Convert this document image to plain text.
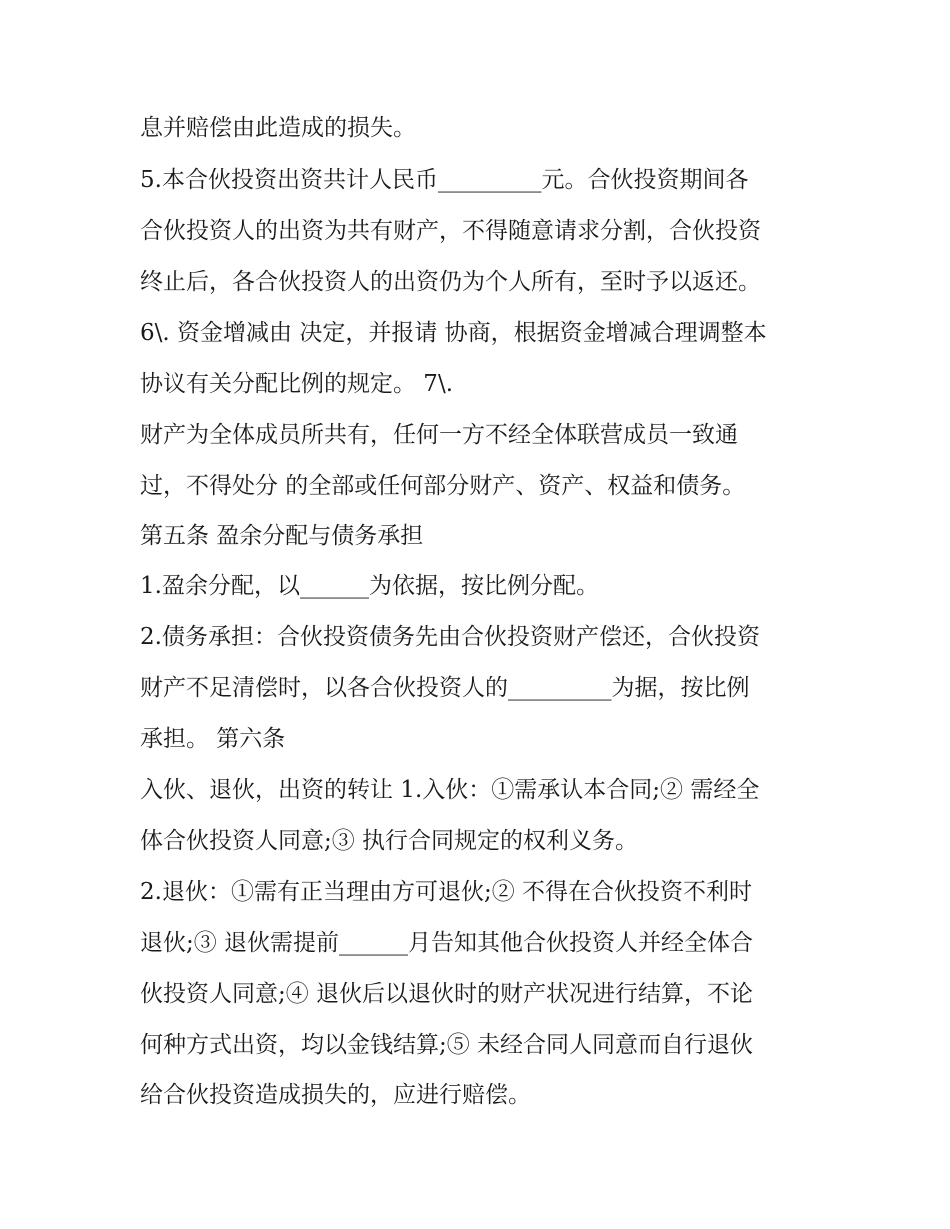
息并赔偿由此造成的损失。
5.本合伙投资出资共计人民币_________元。合伙投资期间各
合伙投资人的出资为共有财产，不得随意请求分割，合伙投资
终止后，各合伙投资人的出资仍为个人所有，至时予以返还。
6\. 资金增减由 决定，并报请 协商，根据资金增减合理调整本
协议有关分配比例的规定。 7\.
财产为全体成员所共有，任何一方不经全体联营成员一致通
过，不得处分 的全部或任何部分财产、资产、权益和债务。
第五条 盈余分配与债务承担
1.盈余分配，以______为依据，按比例分配。
2.债务承担：合伙投资债务先由合伙投资财产偿还，合伙投资
财产不足清偿时，以各合伙投资人的_________为据，按比例
承担。 第六条
入伙、退伙，出资的转让 1.入伙：①需承认本合同;② 需经全
体合伙投资人同意;③ 执行合同规定的权利义务。
2.退伙：①需有正当理由方可退伙;② 不得在合伙投资不利时
退伙;③ 退伙需提前______月告知其他合伙投资人并经全体合
伙投资人同意;④ 退伙后以退伙时的财产状况进行结算，不论
何种方式出资，均以金钱结算;⑤ 未经合同人同意而自行退伙
给合伙投资造成损失的，应进行赔偿。
